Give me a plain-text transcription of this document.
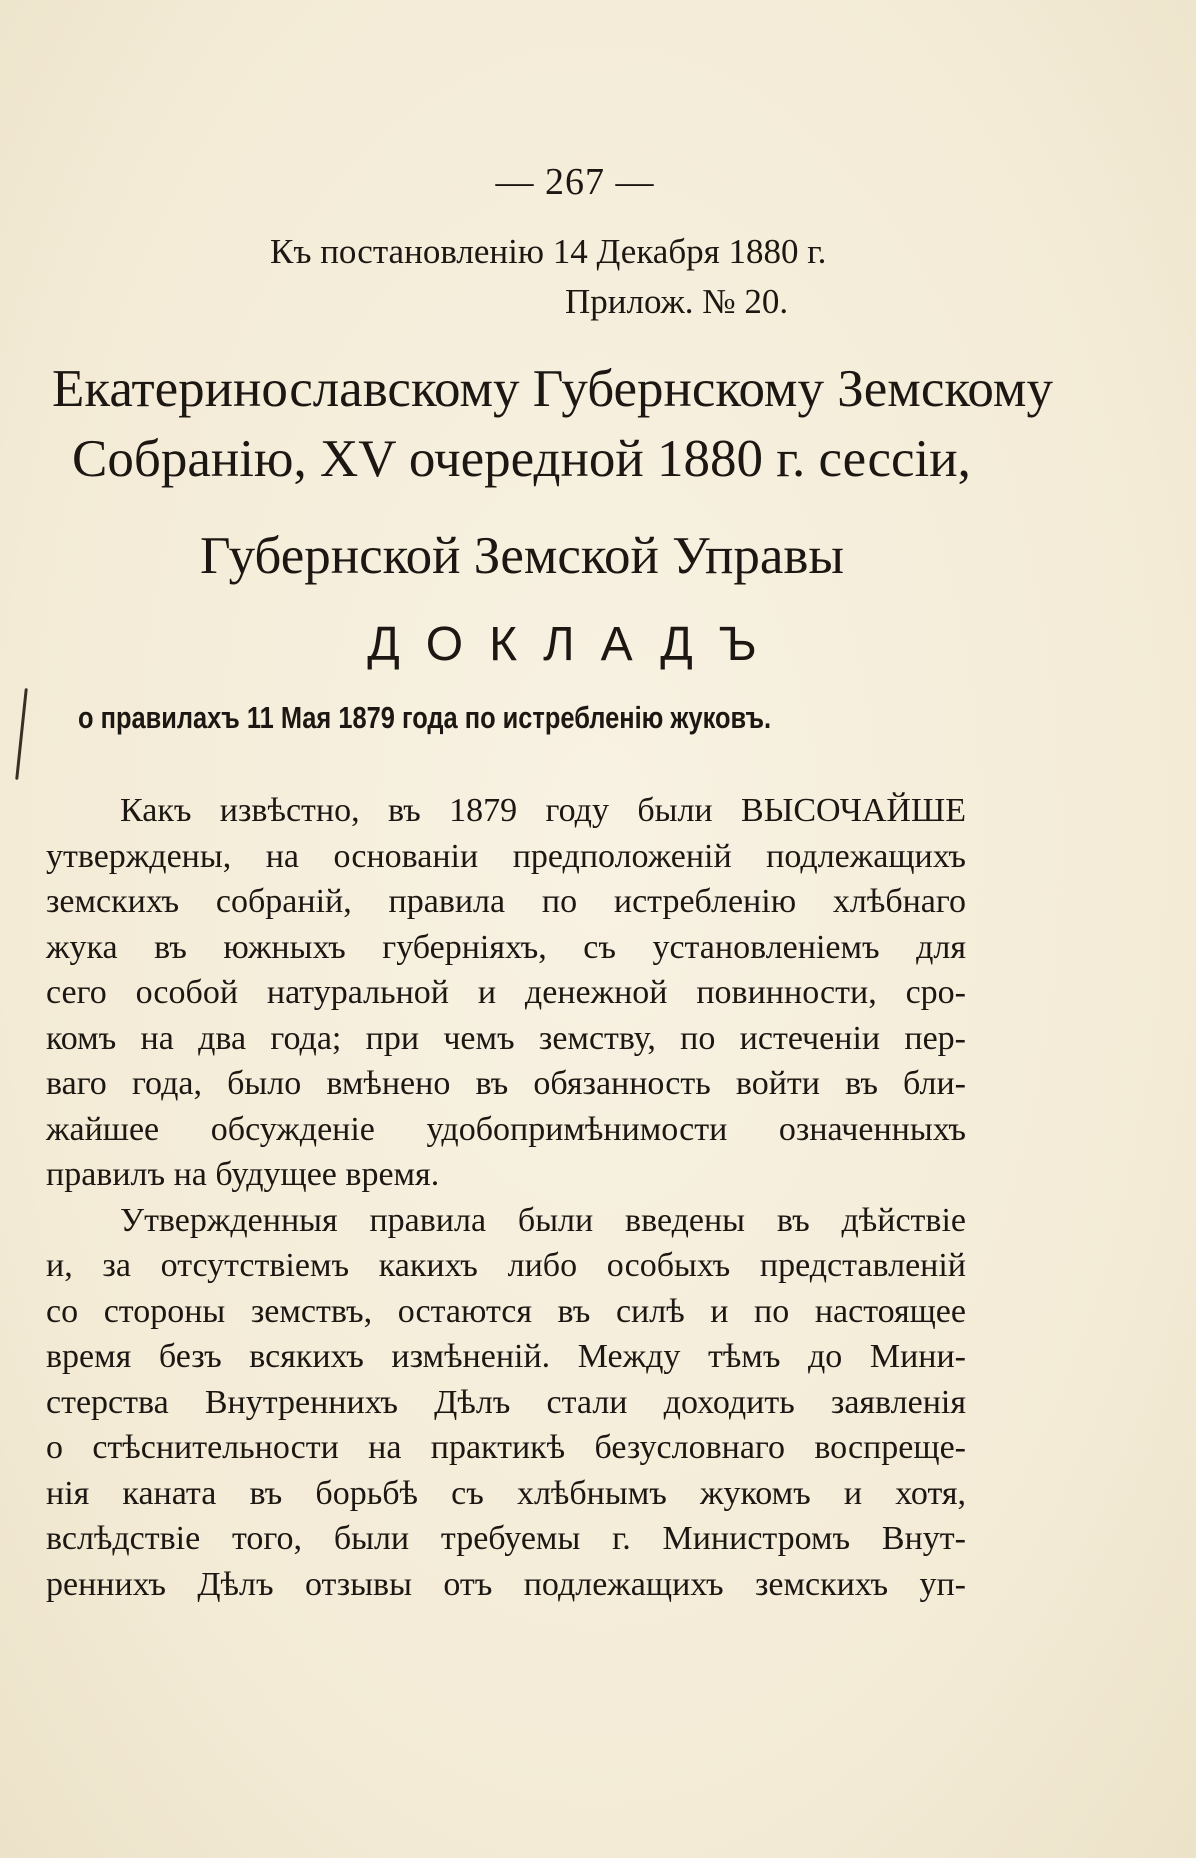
— 267 —
Къ постановленію 14 Декабря 1880 г.
Прилож. № 20.
Екатеринославскому Губернскому Земскому
Собранію, XV очередной 1880 г. сессіи,
Губернской Земской Управы
ДОКЛАДЪ
о правилахъ 11 Мая 1879 года по истребленію жуковъ.
Какъ извѣстно, въ 1879 году были ВЫСОЧАЙШЕ
утверждены, на основаніи предположеній подлежащихъ
земскихъ собраній, правила по истребленію хлѣбнаго
жука въ южныхъ губерніяхъ, съ установленіемъ для
сего особой натуральной и денежной повинности, сро-
комъ на два года; при чемъ земству, по истеченіи пер-
ваго года, было вмѣнено въ обязанность войти въ бли-
жайшее обсужденіе удобопримѣнимости означенныхъ
правилъ на будущее время.
Утвержденныя правила были введены въ дѣйствіе
и, за отсутствіемъ какихъ либо особыхъ представленій
со стороны земствъ, остаются въ силѣ и по настоящее
время безъ всякихъ измѣненій. Между тѣмъ до Мини-
стерства Внутреннихъ Дѣлъ стали доходить заявленія
о стѣснительности на практикѣ безусловнаго воспреще-
нія каната въ борьбѣ съ хлѣбнымъ жукомъ и хотя,
вслѣдствіе того, были требуемы г. Министромъ Внут-
реннихъ Дѣлъ отзывы отъ подлежащихъ земскихъ уп-
